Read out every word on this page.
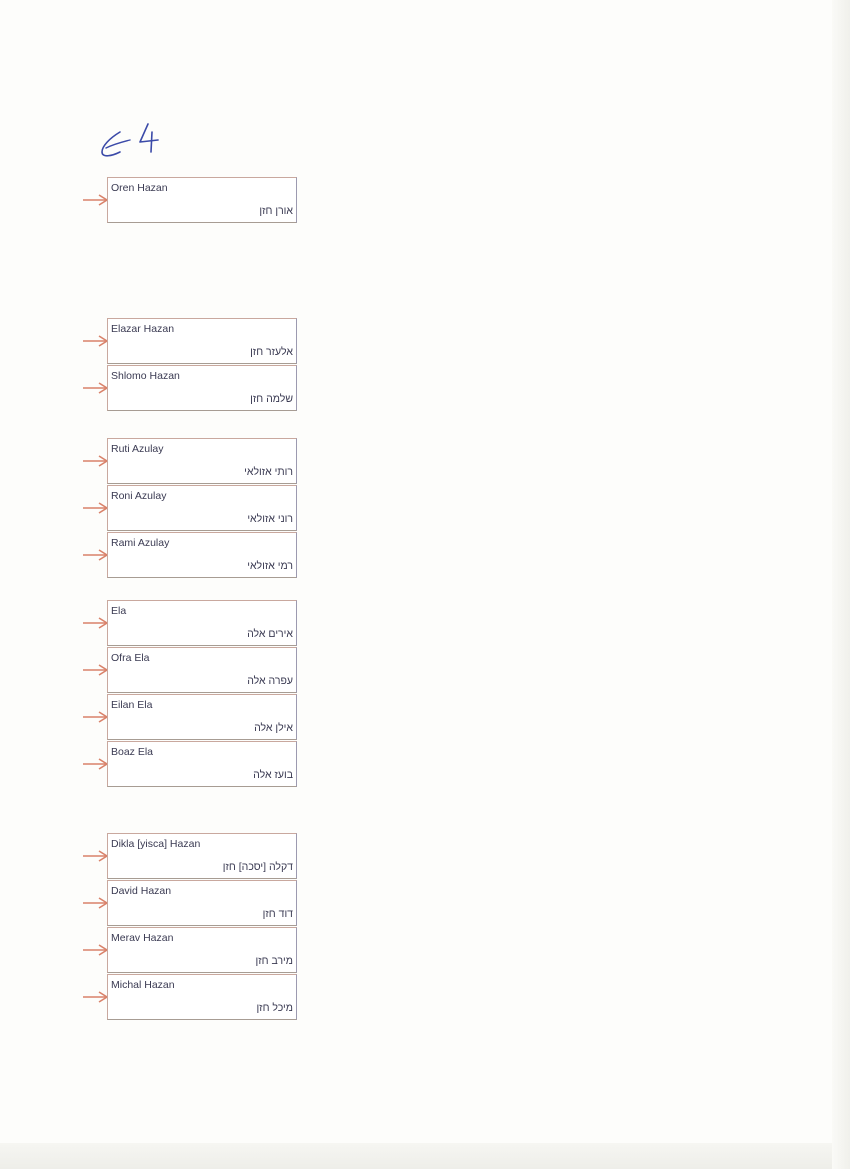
Oren Hazan
אורן חזן
Elazar Hazan
אלעזר חזן
Shlomo Hazan
שלמה חזן
Ruti Azulay
רותי אזולאי
Roni Azulay
רוני אזולאי
Rami Azulay
רמי אזולאי
Ela
אירים אלה
Ofra Ela
עפרה אלה
Eilan Ela
אילן אלה
Boaz Ela
בועז אלה
Dikla [yisca] Hazan
דקלה [יסכה] חזן
David Hazan
דוד חזן
Merav Hazan
מירב חזן
Michal Hazan
מיכל חזן
